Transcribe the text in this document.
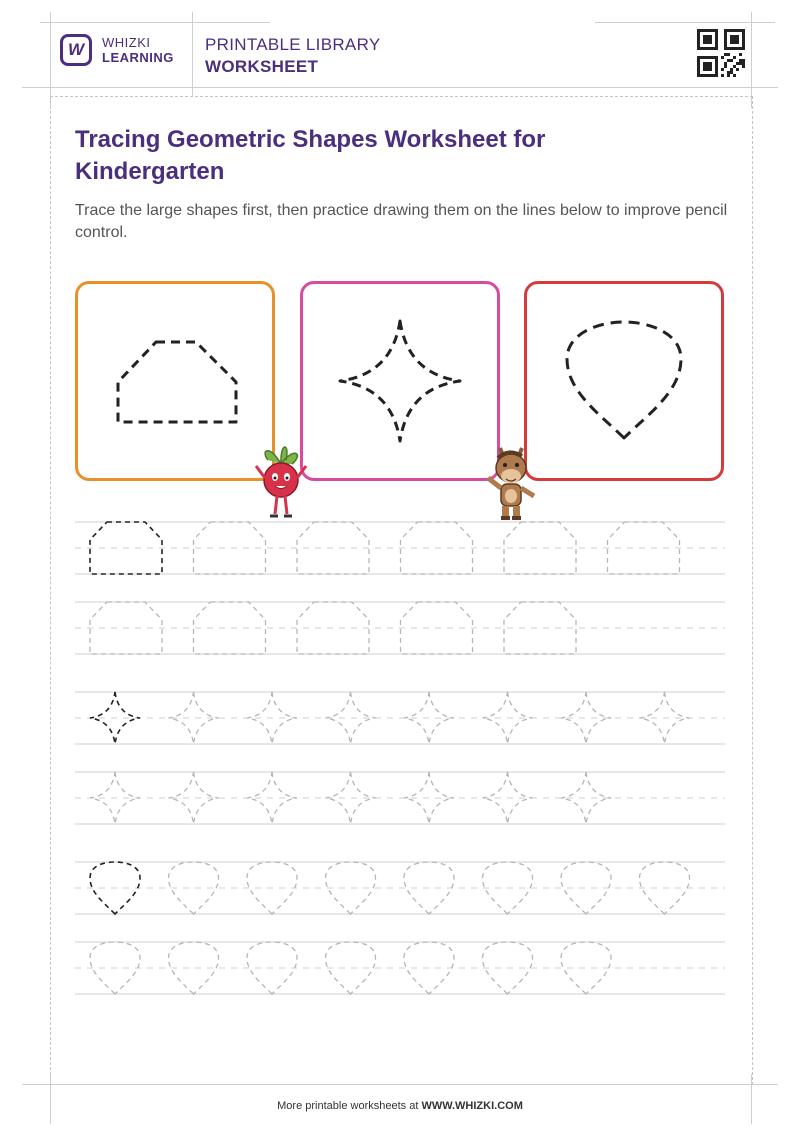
W WHIZKI
LEARNING
PRINTABLE LIBRARY
WORKSHEET
Tracing Geometric Shapes Worksheet for Kindergarten

Trace the large shapes first, then practice drawing them on the lines below to improve pencil control.

More printable worksheets at WWW.WHIZKI.COM
